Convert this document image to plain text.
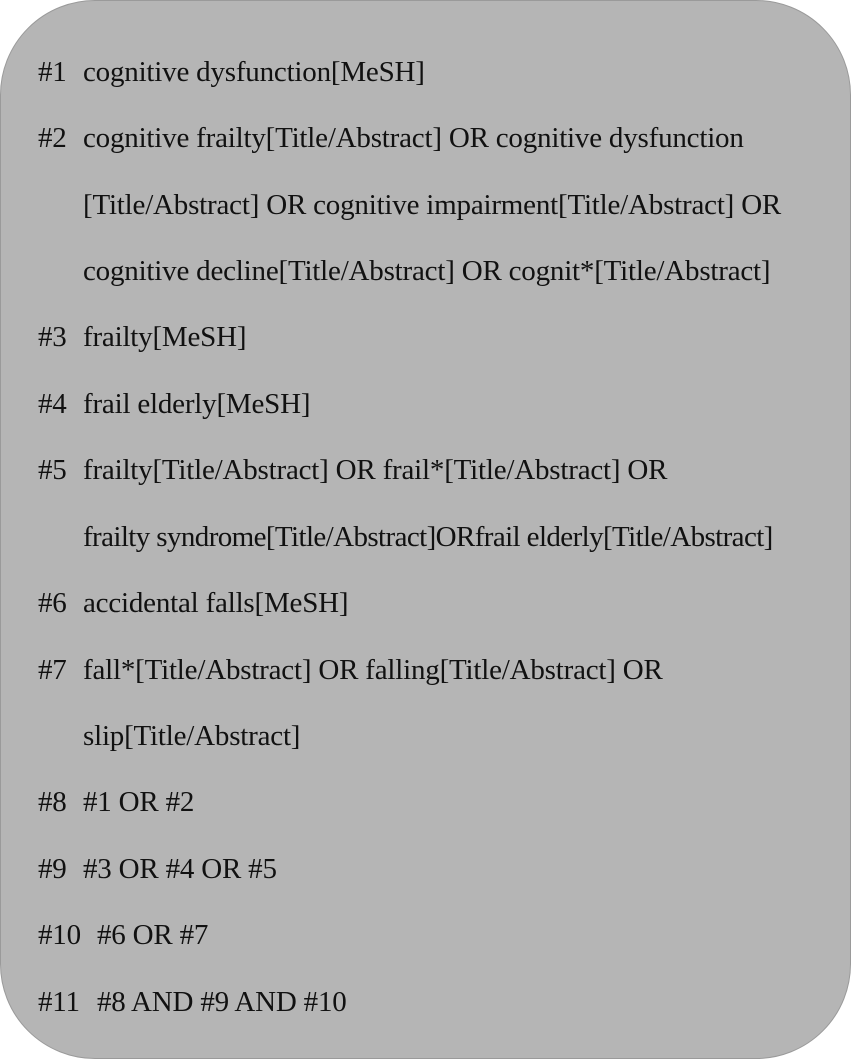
#1 cognitive dysfunction[MeSH]
#2 cognitive frailty[Title/Abstract] OR cognitive dysfunction
[Title/Abstract] OR cognitive impairment[Title/Abstract] OR
cognitive decline[Title/Abstract] OR cognit*[Title/Abstract]
#3 frailty[MeSH]
#4 frail elderly[MeSH]
#5 frailty[Title/Abstract] OR frail*[Title/Abstract] OR
frailty syndrome[Title/Abstract]ORfrail elderly[Title/Abstract]
#6 accidental falls[MeSH]
#7 fall*[Title/Abstract] OR falling[Title/Abstract] OR
slip[Title/Abstract]
#8 #1 OR #2
#9 #3 OR #4 OR #5
#10 #6 OR #7
#11 #8 AND #9 AND #10
